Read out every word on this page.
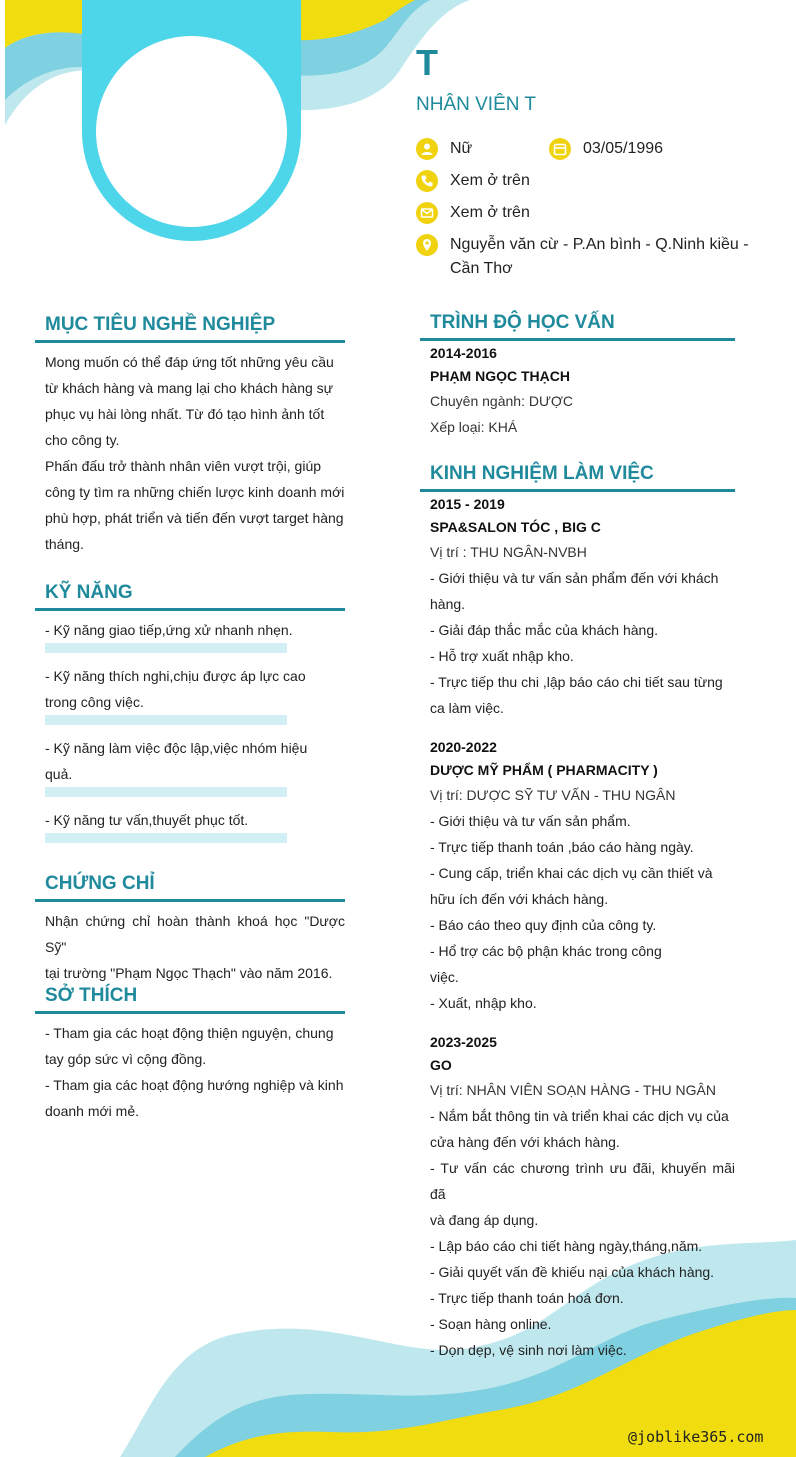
T
NHÂN VIÊN T
Nữ	03/05/1996
Xem ở trên
Xem ở trên
Nguyễn văn cừ - P.An bình - Q.Ninh kiều -
Cần Thơ
MỤC TIÊU NGHỀ NGHIỆP
Mong muốn có thể đáp ứng tốt những yêu cầu
từ khách hàng và mang lại cho khách hàng sự
phục vụ hài lòng nhất. Từ đó tạo hình ảnh tốt
cho công ty.
Phấn đấu trở thành nhân viên vượt trội, giúp
công ty tìm ra những chiến lược kinh doanh mới
phù hợp, phát triển và tiến đến vượt target hàng
tháng.
KỸ NĂNG
- Kỹ năng giao tiếp,ứng xử nhanh nhẹn.
- Kỹ năng thích nghi,chịu được áp lực cao
trong công việc.
- Kỹ năng làm việc độc lập,việc nhóm hiệu
quả.
- Kỹ năng tư vấn,thuyết phục tốt.
CHỨNG CHỈ
Nhận chứng chỉ hoàn thành khoá học "Dược Sỹ"
tại trường "Phạm Ngọc Thạch" vào năm 2016.
SỞ THÍCH
- Tham gia các hoạt động thiện nguyện, chung
tay góp sức vì cộng đồng.
- Tham gia các hoạt động hướng nghiệp và kinh
doanh mới mẻ.
TRÌNH ĐỘ HỌC VẤN
2014-2016
PHẠM NGỌC THẠCH
Chuyên ngành: DƯỢC
Xếp loại: KHÁ
KINH NGHIỆM LÀM VIỆC
2015 - 2019
SPA&SALON TÓC , BIG C
Vị trí : THU NGÂN-NVBH
- Giới thiệu và tư vấn sản phẩm đến với khách
hàng.
- Giải đáp thắc mắc của khách hàng.
- Hỗ trợ xuất nhập kho.
- Trực tiếp thu chi ,lập báo cáo chi tiết sau từng
ca làm việc.
2020-2022
DƯỢC MỸ PHẨM ( PHARMACITY )
Vị trí: DƯỢC SỸ TƯ VẤN - THU NGÂN
- Giới thiệu và tư vấn sản phẩm.
- Trực tiếp thanh toán ,báo cáo hàng ngày.
- Cung cấp, triển khai các dịch vụ cần thiết và
hữu ích đến với khách hàng.
- Báo cáo theo quy định của công ty.
- Hổ trợ các bộ phận khác trong công
việc.
- Xuất, nhập kho.
2023-2025
GO
Vị trí: NHÂN VIÊN SOẠN HÀNG - THU NGÂN
- Nắm bắt thông tin và triển khai các dịch vụ của
cửa hàng đến với khách hàng.
- Tư vấn các chương trình ưu đãi, khuyến mãi đã
và đang áp dụng.
- Lập báo cáo chi tiết hàng ngày,tháng,năm.
- Giải quyết vấn đề khiếu nại của khách hàng.
- Trực tiếp thanh toán hoá đơn.
- Soạn hàng online.
- Dọn dẹp, vệ sinh nơi làm việc.
@joblike365.com
